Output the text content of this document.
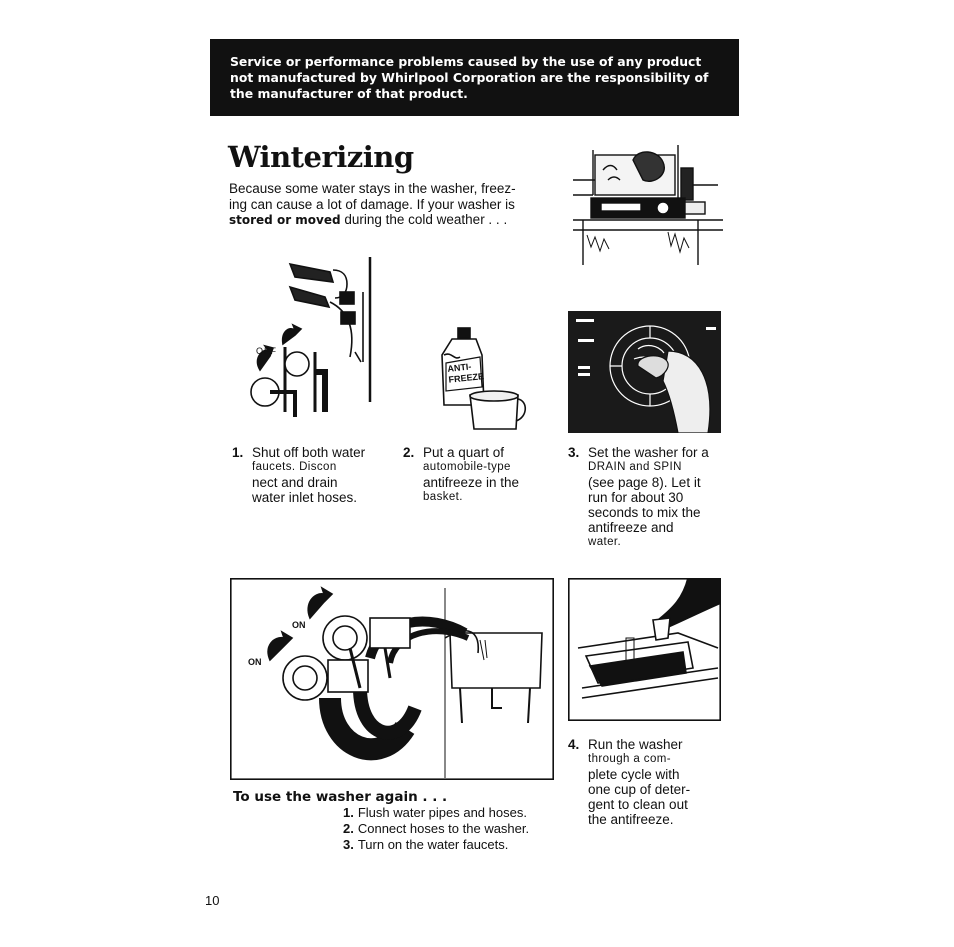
Service or performance problems caused by the use of any product
not manufactured by Whirlpool Corporation are the responsibility of
the manufacturer of that product.
Winterizing
Because some water stays in the washer, freez-
ing can cause a lot of damage. If your washer is
stored or moved during the cold weather . . .
OFF
ANTI-
FREEZE
1. Shut off both water
faucets. Discon
nect and drain
water inlet hoses.
2. Put a quart of
automobile-type
antifreeze in the
basket.
3. Set the washer for a
DRAIN and SPIN
(see page 8). Let it
run for about 30
seconds to mix the
antifreeze and
water.
ON
ON
4. Run the washer
through a com-
plete cycle with
one cup of deter-
gent to clean out
the antifreeze.
To use the washer again . . .
1. Flush water pipes and hoses.
2. Connect hoses to the washer.
3. Turn on the water faucets.
10
